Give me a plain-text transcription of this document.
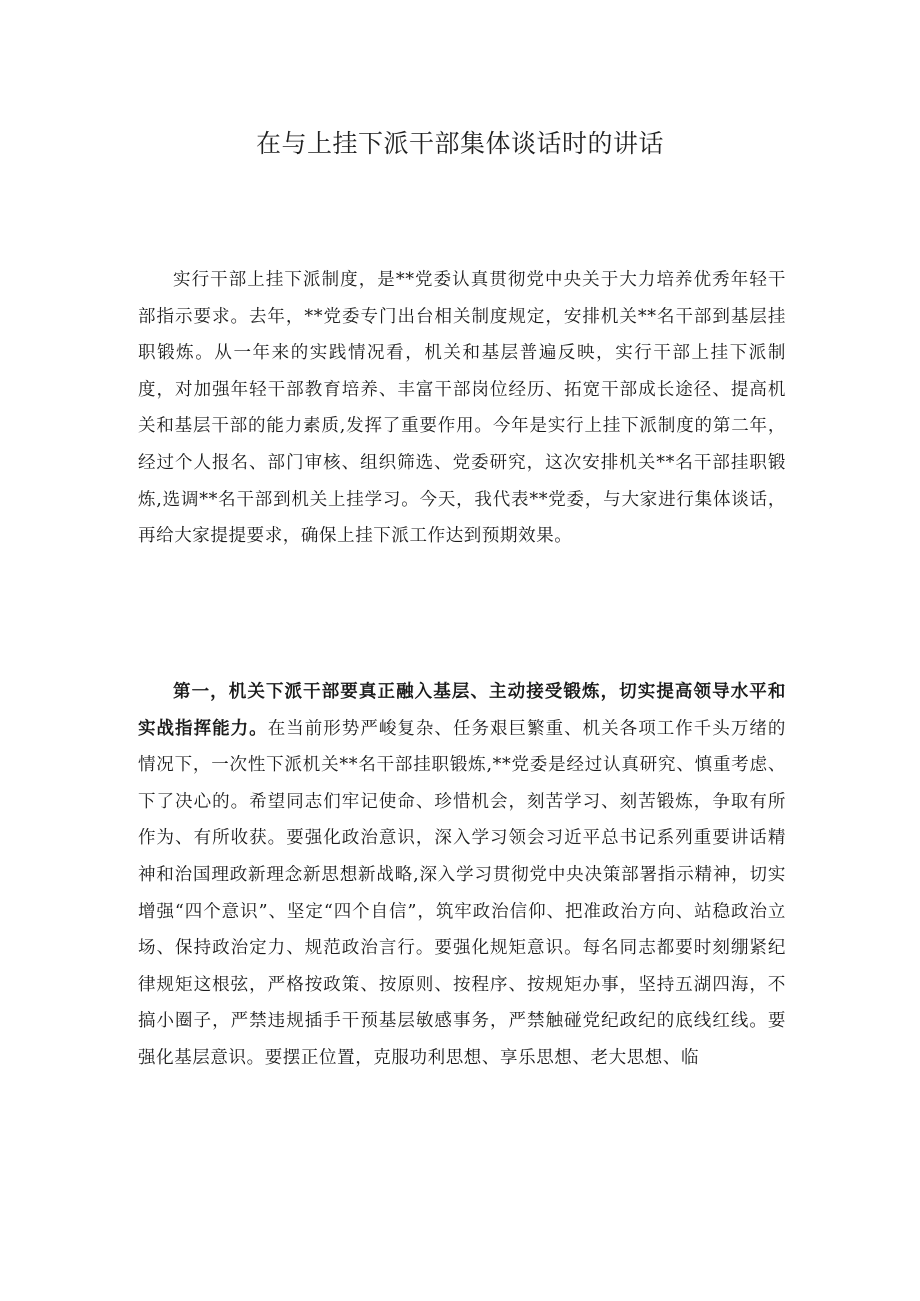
在与上挂下派干部集体谈话时的讲话

实行干部上挂下派制度，是**党委认真贯彻党中央关于大力培养优秀年轻干部指示要求。去年，**党委专门出台相关制度规定，安排机关**名干部到基层挂职锻炼。从一年来的实践情况看，机关和基层普遍反映，实行干部上挂下派制度，对加强年轻干部教育培养、丰富干部岗位经历、拓宽干部成长途径、提高机关和基层干部的能力素质,发挥了重要作用。今年是实行上挂下派制度的第二年，经过个人报名、部门审核、组织筛选、党委研究，这次安排机关**名干部挂职锻炼,选调**名干部到机关上挂学习。今天，我代表**党委，与大家进行集体谈话，再给大家提提要求，确保上挂下派工作达到预期效果。

第一，机关下派干部要真正融入基层、主动接受锻炼，切实提高领导水平和实战指挥能力。在当前形势严峻复杂、任务艰巨繁重、机关各项工作千头万绪的情况下，一次性下派机关**名干部挂职锻炼,**党委是经过认真研究、慎重考虑、下了决心的。希望同志们牢记使命、珍惜机会，刻苦学习、刻苦锻炼，争取有所作为、有所收获。要强化政治意识，深入学习领会习近平总书记系列重要讲话精神和治国理政新理念新思想新战略,深入学习贯彻党中央决策部署指示精神，切实增强“四个意识”、坚定“四个自信”，筑牢政治信仰、把准政治方向、站稳政治立场、保持政治定力、规范政治言行。要强化规矩意识。每名同志都要时刻绷紧纪律规矩这根弦，严格按政策、按原则、按程序、按规矩办事，坚持五湖四海，不搞小圈子，严禁违规插手干预基层敏感事务，严禁触碰党纪政纪的底线红线。要强化基层意识。要摆正位置，克服功利思想、享乐思想、老大思想、临
